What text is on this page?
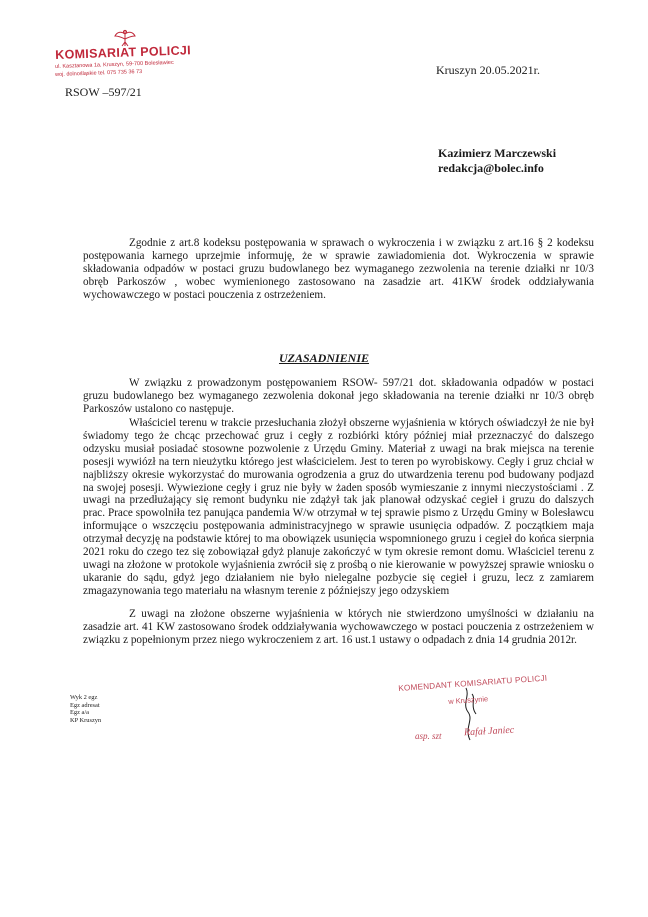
KOMISARIAT POLICJI
ul. Kasztanowa 1a, Kruszyn, 59-700 Bolesławiec
woj. dolnośląskie tel. 075 735 36 73
RSOW –597/21
Kruszyn 20.05.2021r.
Kazimierz Marczewski
redakcja@bolec.info
Zgodnie z art.8 kodeksu postępowania w sprawach o wykroczenia i w związku z art.16 § 2 kodeksu postępowania karnego uprzejmie informuję, że w sprawie zawiadomienia dot. Wykroczenia w sprawie składowania odpadów w postaci gruzu budowlanego bez wymaganego zezwolenia na terenie działki nr 10/3 obręb Parkoszów , wobec wymienionego zastosowano na zasadzie art. 41KW środek oddziaływania wychowawczego w postaci pouczenia z ostrzeżeniem.
UZASADNIENIE
W związku z prowadzonym postępowaniem RSOW- 597/21 dot. składowania odpadów w postaci gruzu budowlanego bez wymaganego zezwolenia dokonał jego składowania na terenie działki nr 10/3 obręb Parkoszów ustalono co następuje.
Właściciel terenu w trakcie przesłuchania złożył obszerne wyjaśnienia w których oświadczył że nie był świadomy tego że chcąc przechować gruz i cegły z rozbiórki który później miał przeznaczyć do dalszego odzysku musiał posiadać stosowne pozwolenie z Urzędu Gminy. Materiał z uwagi na brak miejsca na terenie posesji wywiózł na tern nieużytku którego jest właścicielem. Jest to teren po wyrobiskowy. Cegły i gruz chciał w najbliższy okresie wykorzystać do murowania ogrodzenia a gruz do utwardzenia terenu pod budowany podjazd na swojej posesji. Wywiezione cegły i gruz nie były w żaden sposób wymieszanie z innymi nieczystościami . Z uwagi na przedłużający się remont budynku nie zdążył tak jak planował odzyskać cegieł i gruzu do dalszych prac. Prace spowolniła tez panująca pandemia W/w otrzymał w tej sprawie pismo z Urzędu Gminy w Bolesławcu informujące o wszczęciu postępowania administracyjnego w sprawie usunięcia odpadów. Z początkiem maja otrzymał decyzję na podstawie której to ma obowiązek usunięcia wspomnionego gruzu i cegieł do końca sierpnia 2021 roku do czego tez się zobowiązał gdyż planuje zakończyć w tym okresie remont domu. Właściciel terenu z uwagi na złożone w protokole wyjaśnienia zwrócił się z prośbą o nie kierowanie w powyższej sprawie wniosku o ukaranie do sądu, gdyż jego działaniem nie było nielegalne pozbycie się cegieł i gruzu, lecz z zamiarem zmagazynowania tego materiału na własnym terenie z późniejszy jego odzyskiem
Z uwagi na złożone obszerne wyjaśnienia w których nie stwierdzono umyślności w działaniu na zasadzie art. 41 KW zastosowano środek oddziaływania wychowawczego w postaci pouczenia z ostrzeżeniem w związku z popełnionym przez niego wykroczeniem z art. 16 ust.1 ustawy o odpadach z dnia 14 grudnia 2012r.
Wyk 2 egz
Egz adresat
Egz a/a
KP Kruszyn
KOMENDANT KOMISARIATU POLICJI
w Kruszynie
asp. szt Rafał Janiec
